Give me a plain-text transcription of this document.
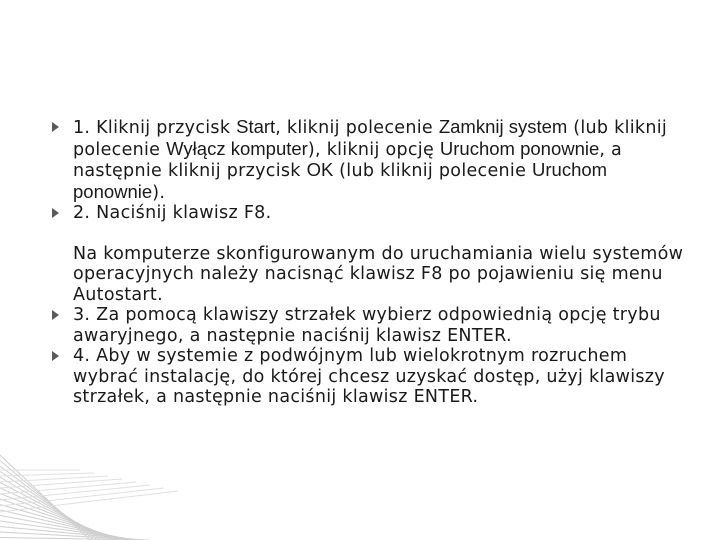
1. Kliknij przycisk Start, kliknij polecenie Zamknij system (lub kliknij polecenie Wyłącz komputer), kliknij opcję Uruchom ponownie, a następnie kliknij przycisk OK (lub kliknij polecenie Uruchom ponownie).
2. Naciśnij klawisz F8.
Na komputerze skonfigurowanym do uruchamiania wielu systemów operacyjnych należy nacisnąć klawisz F8 po pojawieniu się menu Autostart.
3. Za pomocą klawiszy strzałek wybierz odpowiednią opcję trybu awaryjnego, a następnie naciśnij klawisz ENTER.
4. Aby w systemie z podwójnym lub wielokrotnym rozruchem wybrać instalację, do której chcesz uzyskać dostęp, użyj klawiszy strzałek, a następnie naciśnij klawisz ENTER.
